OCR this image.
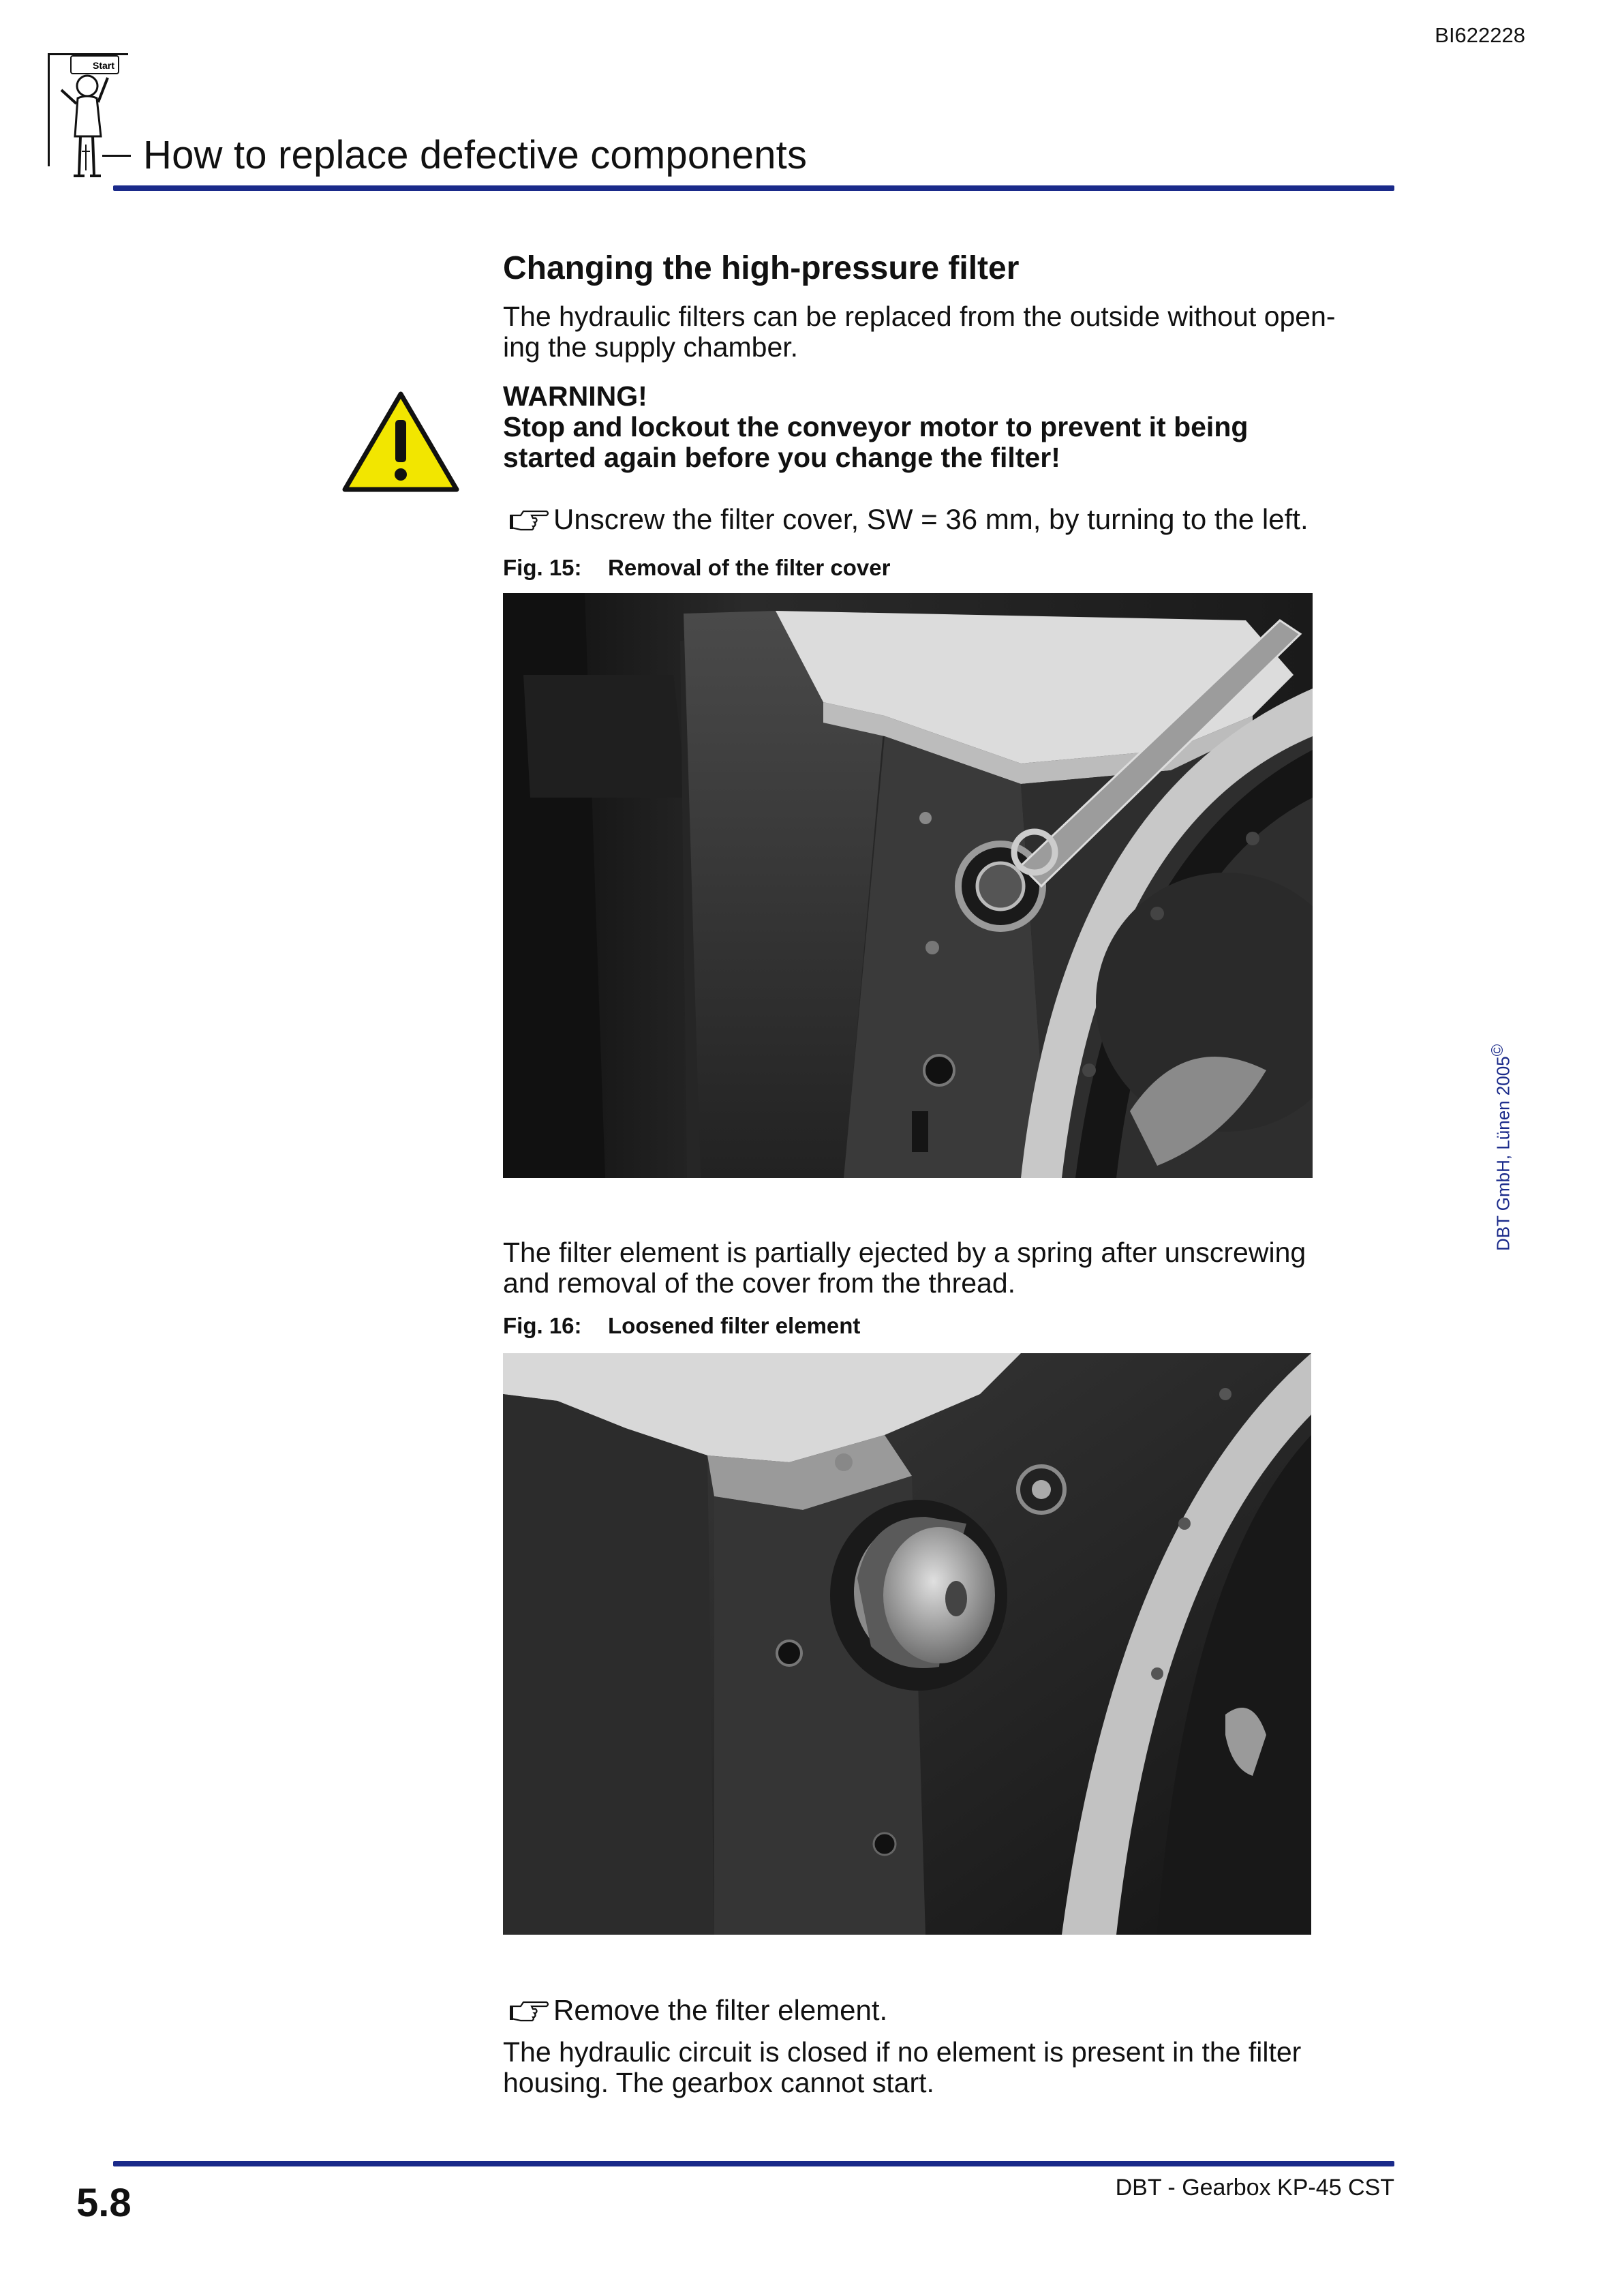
BI622228
Start
How to replace defective components
Changing the high-pressure filter
The hydraulic filters can be replaced from the outside without open-
ing the supply chamber.
WARNING!
Stop and lockout the conveyor motor to prevent it being
started again before you change the filter!
Unscrew the filter cover, SW = 36 mm, by turning to the left.
Fig. 15: Removal of the filter cover
The filter element is partially ejected by a spring after unscrewing
and removal of the cover from the thread.
Fig. 16: Loosened filter element
Remove the filter element.
The hydraulic circuit is closed if no element is present in the filter
housing. The gearbox cannot start.
DBT GmbH, Lünen 2005©
5.8	DBT - Gearbox KP-45 CST
